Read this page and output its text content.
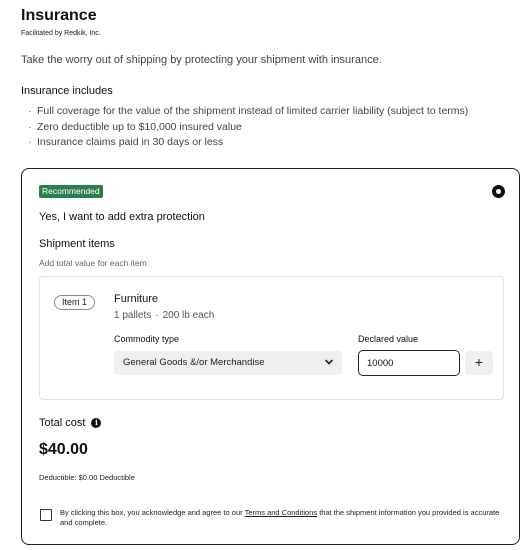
Insurance
Facilitated by Redkik, Inc.
Take the worry out of shipping by protecting your shipment with insurance.
Insurance includes
· Full coverage for the value of the shipment instead of limited carrier liability (subject to terms)
· Zero deductible up to $10,000 insured value
· Insurance claims paid in 30 days or less
Recommended
Yes, I want to add extra protection
Shipment items
Add total value for each item
Item 1	Furniture
1 pallets · 200 lb each
Commodity type	Declared value
General Goods &/or Merchandise
10000	+
Total cost	i
$40.00
Deductible: $0.00 Deductible
By clicking this box, you acknowledge and agree to our Terms and Conditions that the shipment information you provided is accurate and complete.
